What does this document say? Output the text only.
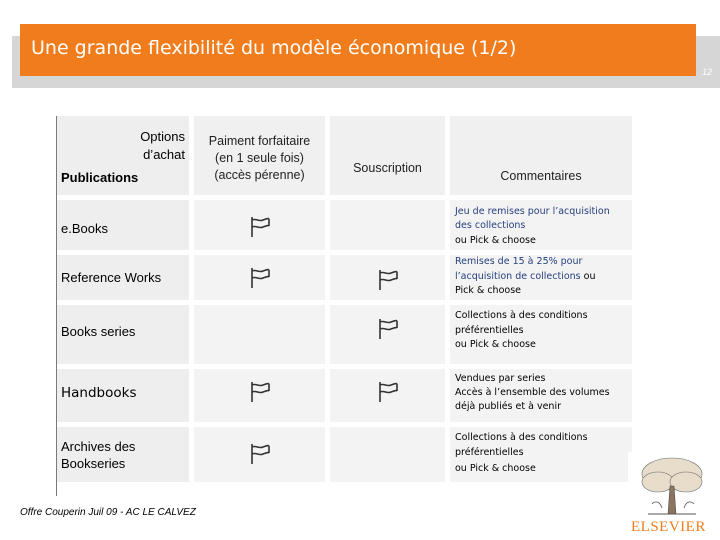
Une grande flexibilité du modèle économique (1/2)
12
Options
d’achat
Publications
Paiment forfaitaire
(en 1 seule fois)
(accès pérenne)	Souscription
Commentaires
e.Books
Jeu de remises pour l’acquisition
des collections
ou Pick & choose
Reference Works
Remises de 15 à 25% pour
l’acquisition de collections ou
Pick & choose
Books series
Collections à des conditions
préférentielles
ou Pick & choose
Handbooks
Vendues par series
Accès à l’ensemble des volumes
déjà publiés et à venir
Archives des
Bookseries
Collections à des conditions
préférentielles
ou Pick & choose
Offre Couperin Juil 09 - AC LE CALVEZ
ELSEVIER
